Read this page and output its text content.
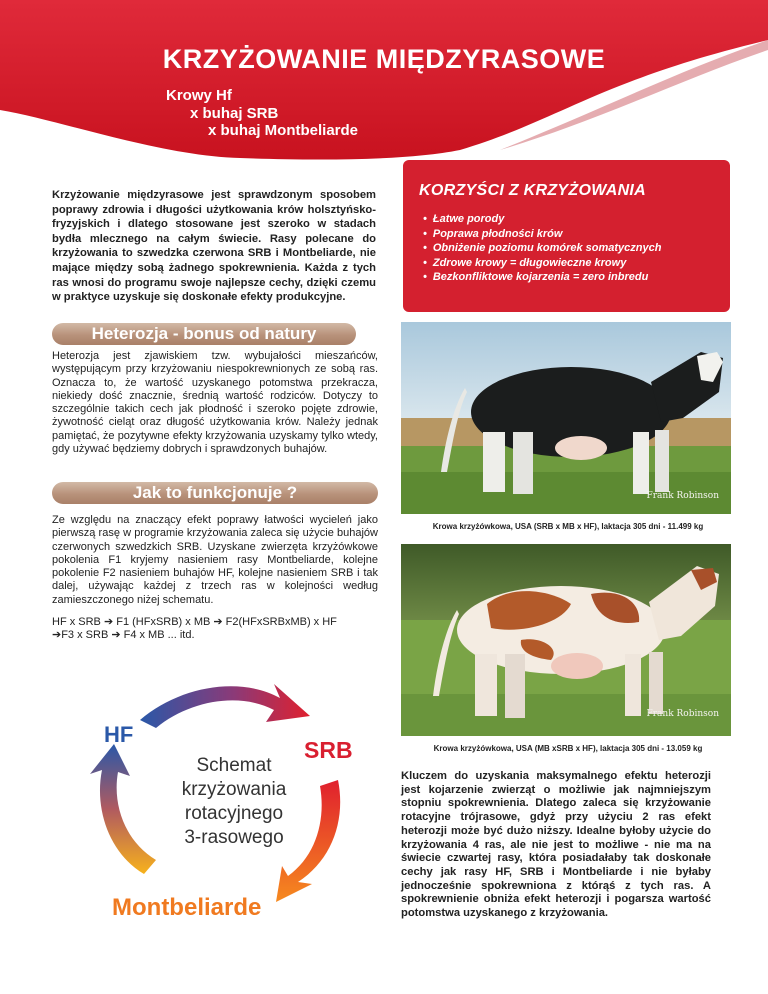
KRZYŻOWANIE MIĘDZYRASOWE
Krowy Hf
x buhaj SRB
x buhaj Montbeliarde

Krzyżowanie międzyrasowe jest sprawdzonym sposobem poprawy zdrowia i długości użytkowania krów holsztyńsko-fryzyjskich i dlatego stosowane jest szeroko w stadach bydła mlecznego na całym świecie. Rasy polecane do krzyżowania to szwedzka czerwona SRB i Montbeliarde, nie mające między sobą żadnego spokrewnienia. Każda z tych ras wnosi do programu swoje najlepsze cechy, dzięki czemu w praktyce uzyskuje się doskonałe efekty produkcyjne.

KORZYŚCI Z KRZYŻOWANIA
• Łatwe porody
• Poprawa płodności krów
• Obniżenie poziomu komórek somatycznych
• Zdrowe krowy = długowieczne krowy
• Bezkonfliktowe kojarzenia = zero inbredu
Heterozja - bonus od natury

Heterozja jest zjawiskiem tzw. wybujałości mieszańców, występującym przy krzyżowaniu niespokrewnionych ze sobą ras. Oznacza to, że wartość uzyskanego potomstwa przekracza, niekiedy dość znacznie, średnią wartość rodziców. Dotyczy to szczególnie takich cech jak płodność i szeroko pojęte zdrowie, żywotność cieląt oraz długość użytkowania krów. Należy jednak pamiętać, że pozytywne efekty krzyżowania uzyskamy tylko wtedy, gdy używać będziemy dobrych i sprawdzonych buhajów.

Jak to funkcjonuje ?

Ze względu na znaczący efekt poprawy łatwości wycieleń jako pierwszą rasę w programie krzyżowania zaleca się użycie buhajów czerwonych szwedzkich SRB. Uzyskane zwierzęta krzyżówkowe pokolenia F1 kryjemy nasieniem rasy Montbeliarde, kolejne pokolenie F2 nasieniem buhajów HF, kolejne nasieniem SRB i tak dalej, używając każdej z trzech ras w kolejności według zamieszczonego niżej schematu.

HF x SRB ➔ F1 (HFxSRB) x MB ➔ F2(HFxSRBxMB) x HF

➔F3 x SRB ➔ F4 x MB ... itd.

HF
SRB
Montbeliarde
Schemat
krzyżowania
rotacyjnego
3-rasowego
Frank Robinson

Krowa krzyżówkowa, USA (SRB x MB x HF), laktacja 305 dni - 11.499 kg

Frank Robinson

Krowa krzyżówkowa, USA (MB xSRB x HF), laktacja 305 dni - 13.059 kg

Kluczem do uzyskania maksymalnego efektu heterozji jest kojarzenie zwierząt o możliwie jak najmniejszym stopniu spokrewnienia. Dlatego zaleca się krzyżowanie rotacyjne trójrasowe, gdyż przy użyciu 2 ras efekt heterozji może być dużo niższy. Idealne byłoby użycie do krzyżowania 4 ras, ale nie jest to możliwe - nie ma na świecie czwartej rasy, która posiadałaby tak doskonałe cechy jak rasy HF, SRB i Montbeliarde i nie byłaby jednocześnie spokrewniona z którąś z tych ras. A spokrewnienie obniża efekt heterozji i pogarsza wartość potomstwa uzyskanego z krzyżowania.
